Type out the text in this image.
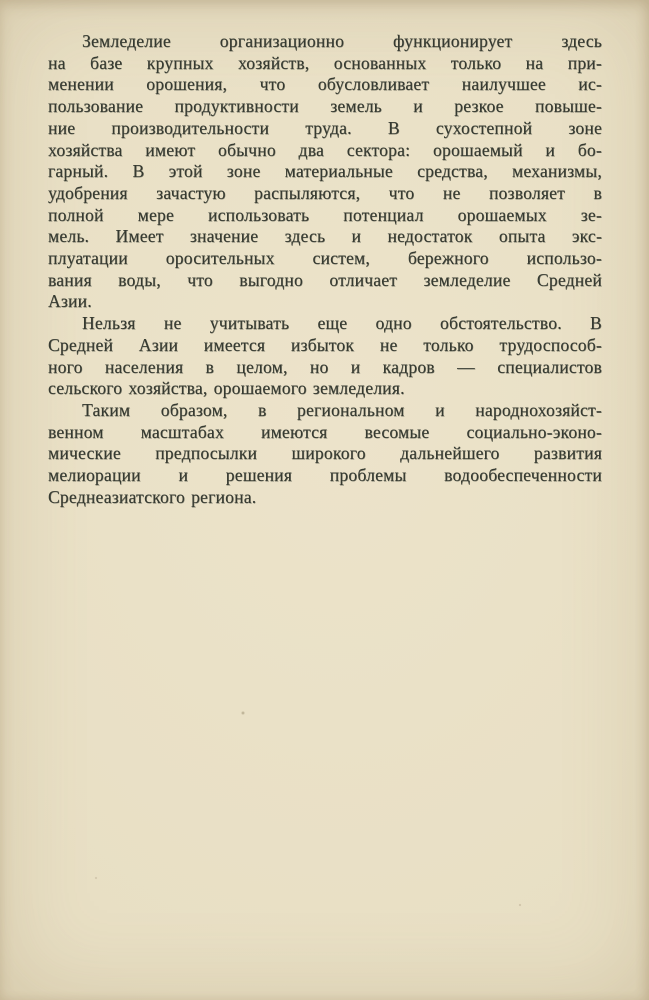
Земледелие организационно функционирует здесь
на базе крупных хозяйств, основанных только на при-
менении орошения, что обусловливает наилучшее ис-
пользование продуктивности земель и резкое повыше-
ние производительности труда. В сухостепной зоне
хозяйства имеют обычно два сектора: орошаемый и бо-
гарный. В этой зоне материальные средства, механизмы,
удобрения зачастую распыляются, что не позволяет в
полной мере использовать потенциал орошаемых зе-
мель. Имеет значение здесь и недостаток опыта экс-
плуатации оросительных систем, бережного использо-
вания воды, что выгодно отличает земледелие Средней
Азии.
Нельзя не учитывать еще одно обстоятельство. В
Средней Азии имеется избыток не только трудоспособ-
ного населения в целом, но и кадров — специалистов
сельского хозяйства, орошаемого земледелия.
Таким образом, в региональном и народнохозяйст-
венном масштабах имеются весомые социально-эконо-
мические предпосылки широкого дальнейшего развития
мелиорации и решения проблемы водообеспеченности
Среднеазиатского региона.
